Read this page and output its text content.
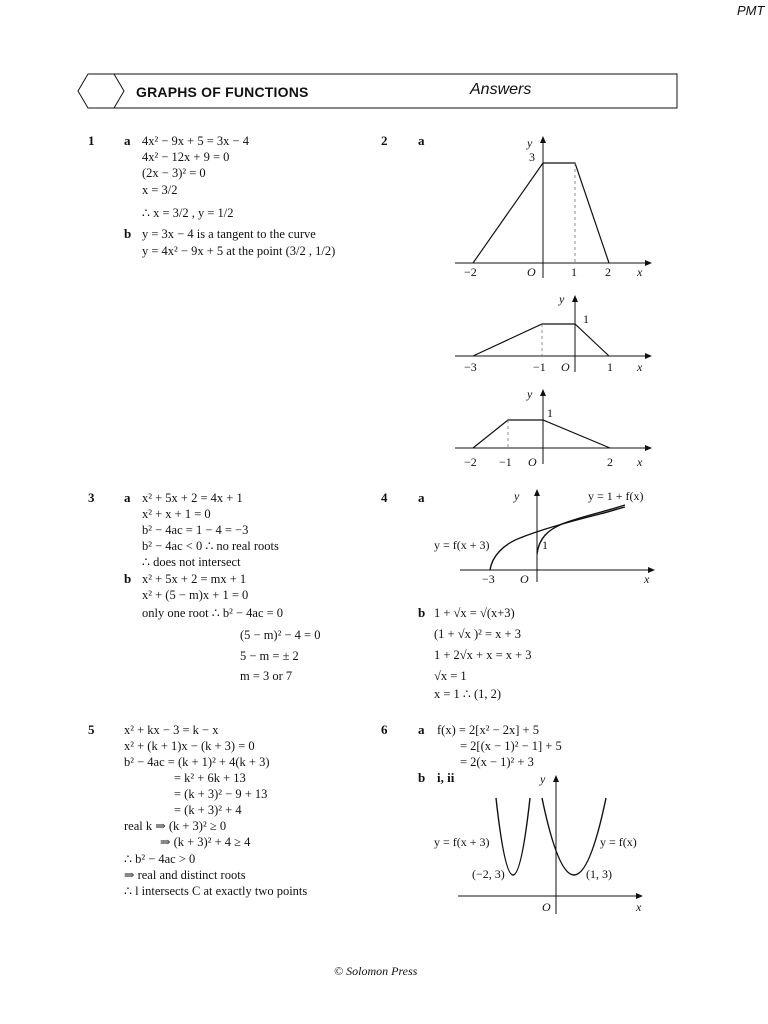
PMT
GRAPHS OF FUNCTIONS	Answers
1 a 4x² − 9x + 5 = 3x − 4
4x² − 12x + 9 = 0
(2x − 3)² = 0
x = 3/2
∴ x = 3/2 , y = 1/2
b y = 3x − 4 is a tangent to the curve
y = 4x² − 9x + 5 at the point (3/2 , 1/2)
2 a	y
3
−2	O	1 2 x
y
1
−3	−1 O	1 x
y
1
−2 −1 O	2 x
3 a x² + 5x + 2 = 4x + 1
x² + x + 1 = 0
b² − 4ac = 1 − 4 = −3
b² − 4ac < 0 ∴ no real roots
∴ does not intersect
b x² + 5x + 2 = mx + 1
x² + (5 − m)x + 1 = 0
only one root ∴ b² − 4ac = 0
(5 − m)² − 4 = 0
5 − m = ± 2
m = 3 or 7
4 a	y	y = 1 + f(x)
y = f(x + 3)	1
−3 O	x
b 1 + √x = √(x+3)
(1 + √x )² = x + 3
1 + 2√x + x = x + 3
√x = 1
x = 1 ∴ (1, 2)
5 x² + kx − 3 = k − x
x² + (k + 1)x − (k + 3) = 0
b² − 4ac = (k + 1)² + 4(k + 3)
= k² + 6k + 13
= (k + 3)² − 9 + 13
= (k + 3)² + 4
real k ⇒ (k + 3)² ≥ 0
⇒ (k + 3)² + 4 ≥ 4
∴ b² − 4ac > 0
⇒ real and distinct roots
∴ l intersects C at exactly two points
6 a f(x) = 2[x² − 2x] + 5
= 2[(x − 1)² − 1] + 5
= 2(x − 1)² + 3
b i, ii	y
y = f(x + 3)	y = f(x)
(−2, 3)	(1, 3)
O	x
© Solomon Press
